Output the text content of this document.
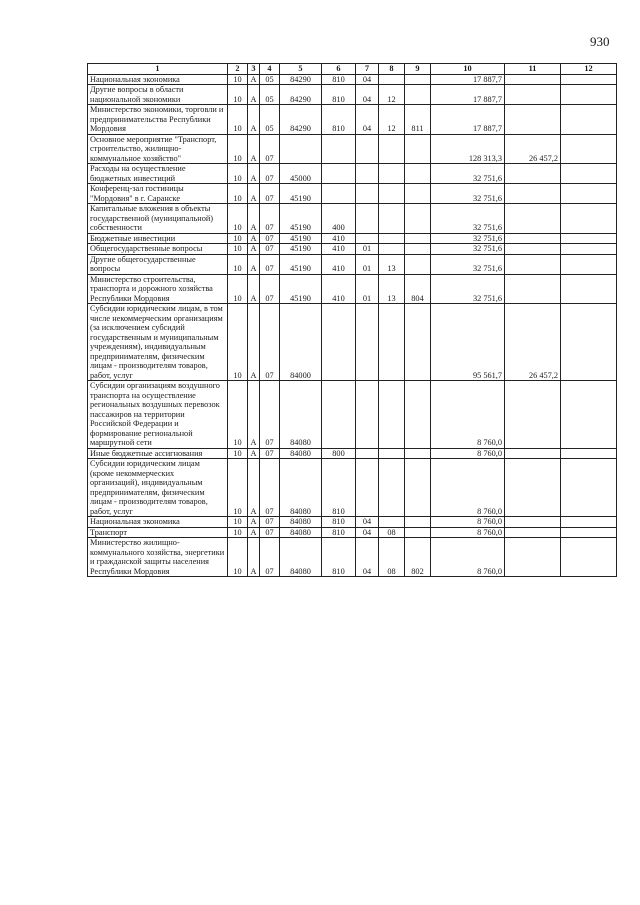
930
1	2	3	4	5	6	7	8	9	10	11	12
Национальная экономика	10	А	05	84290	810	04			17 887,7		
Другие вопросы в области национальной экономики	10	А	05	84290	810	04	12		17 887,7		
Министерство экономики, торговли и предпринимательства Республики Мордовия	10	А	05	84290	810	04	12	811	17 887,7		
Основное мероприятие "Транспорт, строительство, жилищно-коммунальное хозяйство"	10	А	07						128 313,3	26 457,2	
Расходы на осуществление бюджетных инвестиций	10	А	07	45000					32 751,6		
Конференц-зал гостиницы "Мордовия" в г. Саранске	10	А	07	45190					32 751,6		
Капитальные вложения в объекты государственной (муниципальной) собственности	10	А	07	45190	400				32 751,6		
Бюджетные инвестиции	10	А	07	45190	410				32 751,6		
Общегосударственные вопросы	10	А	07	45190	410	01			32 751,6		
Другие общегосударственные вопросы	10	А	07	45190	410	01	13		32 751,6		
Министерство строительства, транспорта и дорожного хозяйства Республики Мордовия	10	А	07	45190	410	01	13	804	32 751,6		
Субсидии юридическим лицам, в том числе некоммерческим организациям (за исключением субсидий государственным и муниципальным учреждениям), индивидуальным предпринимателям, физическим лицам - производителям товаров, работ, услуг	10	А	07	84000					95 561,7	26 457,2	
Субсидии организациям воздушного транспорта на осуществление региональных воздушных перевозок пассажиров на территории Российской Федерации и формирование региональной маршрутной сети	10	А	07	84080					8 760,0		
Иные бюджетные ассигнования	10	А	07	84080	800				8 760,0		
Субсидии юридическим лицам (кроме некоммерческих организаций), индивидуальным предпринимателям, физическим лицам - производителям товаров, работ, услуг	10	А	07	84080	810				8 760,0		
Национальная экономика	10	А	07	84080	810	04			8 760,0		
Транспорт	10	А	07	84080	810	04	08		8 760,0		
Министерство жилищно-коммунального хозяйства, энергетики и гражданской защиты населения Республики Мордовия	10	А	07	84080	810	04	08	802	8 760,0		
